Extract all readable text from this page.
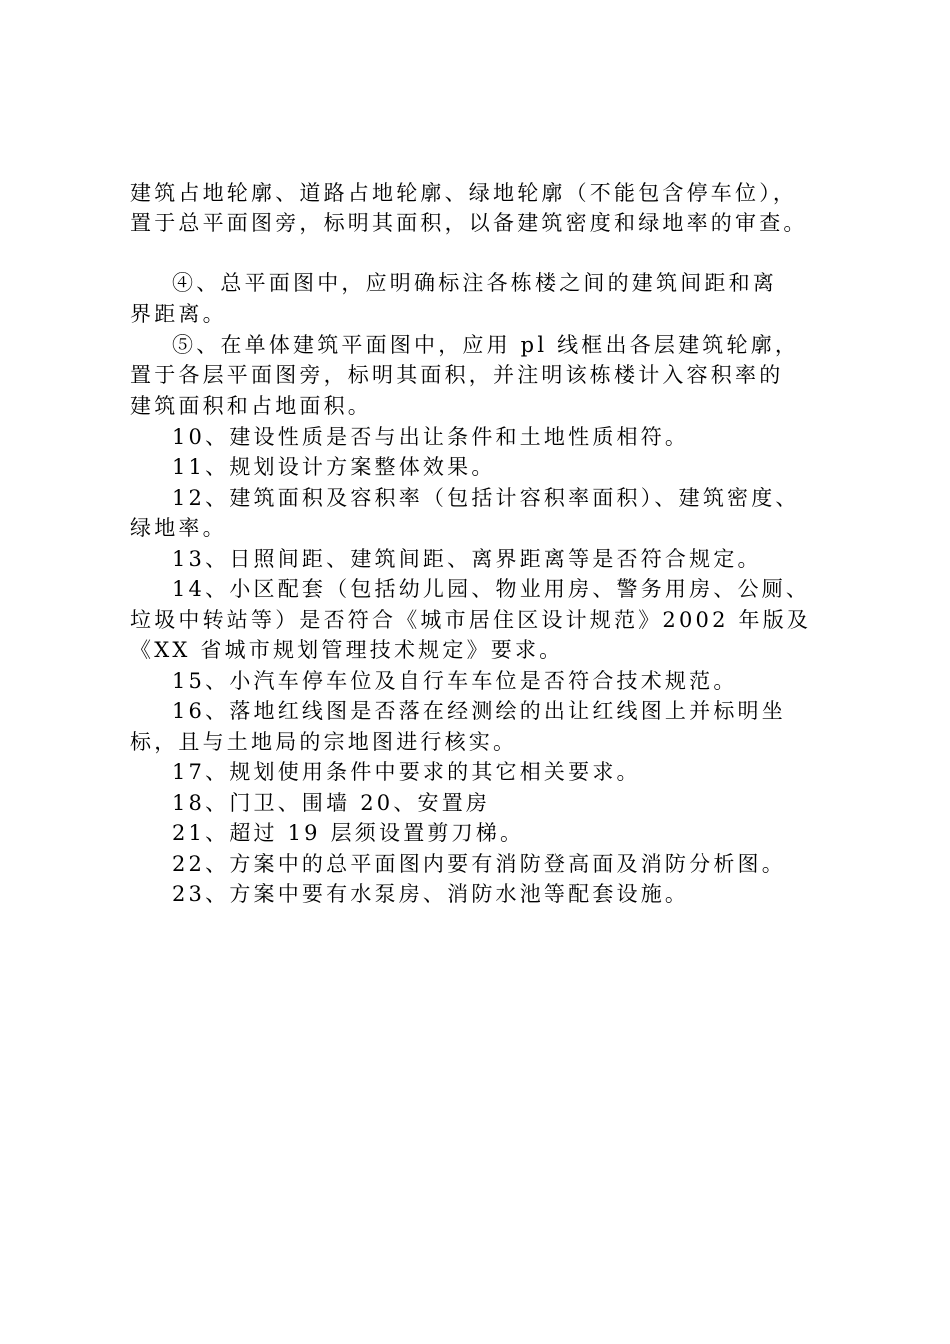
建筑占地轮廓、道路占地轮廓、绿地轮廓（不能包含停车位），
置于总平面图旁，标明其面积，以备建筑密度和绿地率的审查。
④、总平面图中，应明确标注各栋楼之间的建筑间距和离
界距离。
⑤、在单体建筑平面图中，应用 pl 线框出各层建筑轮廓，
置于各层平面图旁，标明其面积，并注明该栋楼计入容积率的
建筑面积和占地面积。
10、建设性质是否与出让条件和土地性质相符。
11、规划设计方案整体效果。
12、建筑面积及容积率（包括计容积率面积）、建筑密度、
绿地率。
13、日照间距、建筑间距、离界距离等是否符合规定。
14、小区配套（包括幼儿园、物业用房、警务用房、公厕、
垃圾中转站等）是否符合《城市居住区设计规范》2002 年版及
《XX 省城市规划管理技术规定》要求。
15、小汽车停车位及自行车车位是否符合技术规范。
16、落地红线图是否落在经测绘的出让红线图上并标明坐
标，且与土地局的宗地图进行核实。
17、规划使用条件中要求的其它相关要求。
18、门卫、围墙 20、安置房
21、超过 19 层须设置剪刀梯。
22、方案中的总平面图内要有消防登高面及消防分析图。
23、方案中要有水泵房、消防水池等配套设施。
